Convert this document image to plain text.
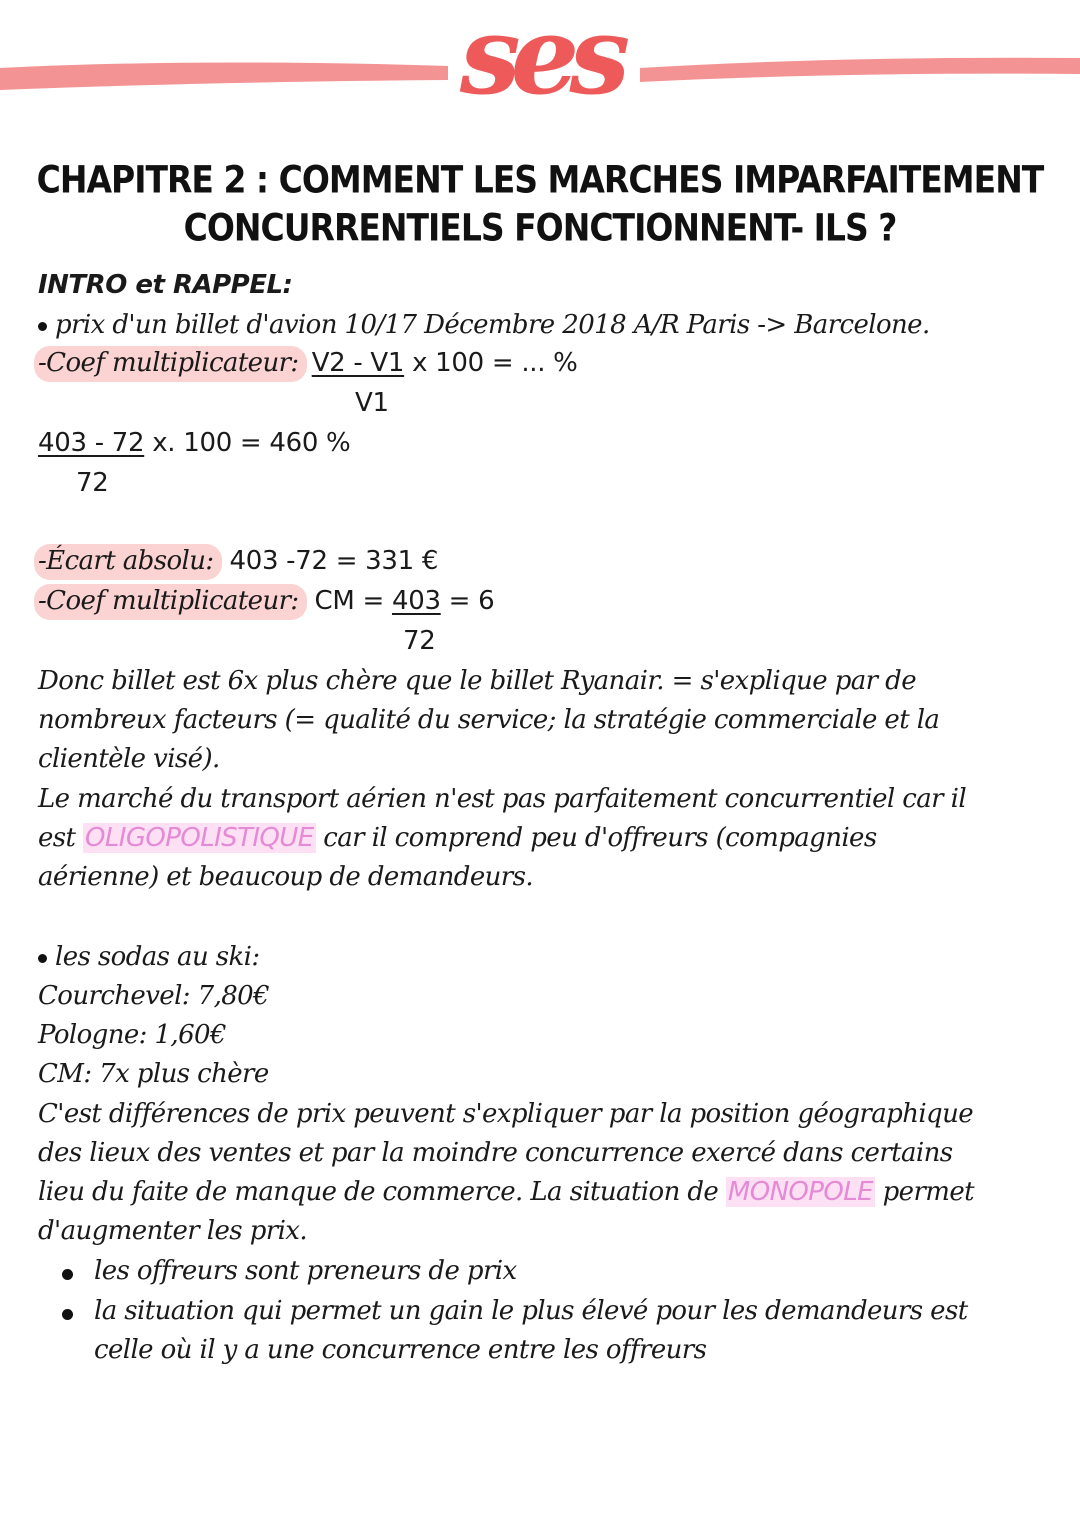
ses
CHAPITRE 2 : COMMENT LES MARCHES IMPARFAITEMENT
CONCURRENTIELS FONCTIONNENT- ILS ?
INTRO et RAPPEL:
prix d'un billet d'avion 10/17 Décembre 2018 A/R Paris -> Barcelone.
-Coef multiplicateur: V2 - V1 x 100 = ... %
V1
403 - 72 x. 100 = 460 %
72
-Écart absolu: 403 -72 = 331 €
-Coef multiplicateur: CM = 403 = 6
72
Donc billet est 6x plus chère que le billet Ryanair. = s'explique par de
nombreux facteurs (= qualité du service; la stratégie commerciale et la
clientèle visé).
Le marché du transport aérien n'est pas parfaitement concurrentiel car il
est OLIGOPOLISTIQUE car il comprend peu d'offreurs (compagnies
aérienne) et beaucoup de demandeurs.
les sodas au ski:
Courchevel: 7,80€
Pologne: 1,60€
CM: 7x plus chère
C'est différences de prix peuvent s'expliquer par la position géographique
des lieux des ventes et par la moindre concurrence exercé dans certains
lieu du faite de manque de commerce. La situation de MONOPOLE permet
d'augmenter les prix.
les offreurs sont preneurs de prix
la situation qui permet un gain le plus élevé pour les demandeurs est
celle où il y a une concurrence entre les offreurs
